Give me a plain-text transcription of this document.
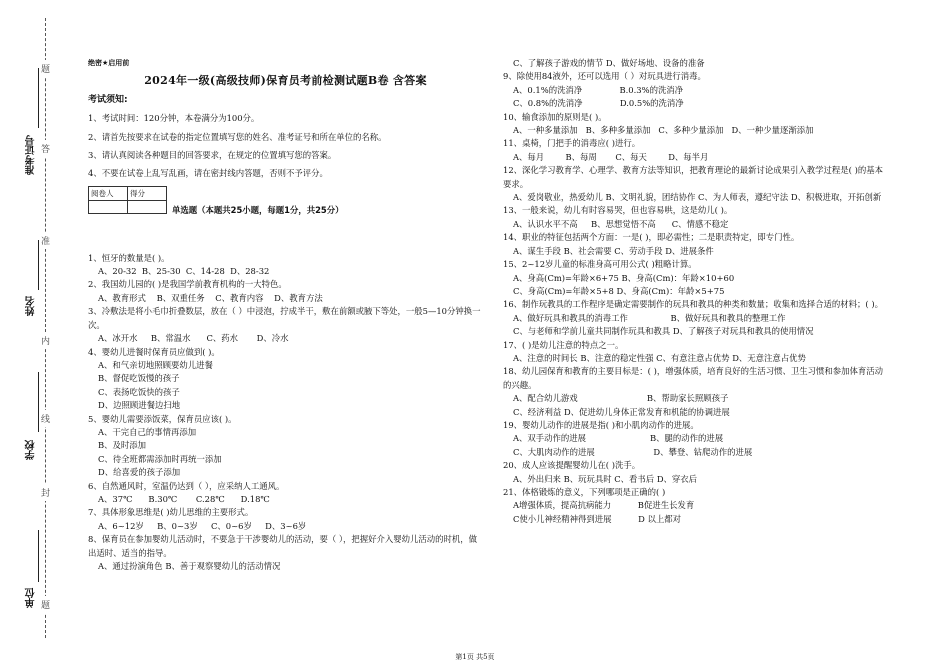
准考证号
姓名
学校
单位
题
答
准
内
线
封
题
绝密★启用前
2024年一级(高级技师)保育员考前检测试题B卷 含答案
考试须知:

1、考试时间：120分钟，本卷满分为100分。

2、请首先按要求在试卷的指定位置填写您的姓名、准考证号和所在单位的名称。

3、请认真阅读各种题目的回答要求，在规定的位置填写您的答案。

4、不要在试卷上乱写乱画，请在密封线内答题，否则不予评分。

阅卷人	得分

单选题（本题共25小题，每题1分，共25分）
1、恒牙的数量是( )。
A、20-32  B、25-30  C、14-28  D、28-32
2、我国幼儿园的( )是我国学前教育机构的一大特色。
A、教育形式    B、双重任务    C、教育内容    D、教育方法
3、冷敷法是将小毛巾折叠数层，放在（ ）中浸泡，拧成半干，敷在前额或腋下等处，一般5—10分钟换一次。
A、冰开水     B、常温水      C、药水       D、冷水
4、婴幼儿进餐时保育员应做到( )。
A、和气亲切地照顾要幼儿进餐
B、督促吃饭慢的孩子
C、表扬吃饭快的孩子
D、边照顾进餐边扫地
5、婴幼儿需要添饭菜，保育员应该( )。
A、干完自己的事情再添加
B、及时添加
C、待全班都需添加时再统一添加
D、给喜爱的孩子添加
6、自然通风时，室温仍达到（ ），应采纳人工通风。
A、37℃      B.30℃       C.28℃      D.18℃
7、具体形象思维是( )幼儿思维的主要形式。
A、6~12岁     B、0~3岁     C、0~6岁     D、3~6岁
8、保育员在参加婴幼儿活动时，不要急于干涉婴幼儿的活动，要（ ），把握好介入婴幼儿活动的时机，做出适时、适当的指导。
A、通过扮演角色 B、善于观察婴幼儿的活动情况
C、了解孩子游戏的情节 D、做好场地、设备的准备
9、除使用84液外，还可以选用（ ）对玩具进行消毒。
A、0.1%的洗消净              B.0.3%的洗消净
C、0.8%的洗消净              D.0.5%的洗消净
10、输食添加的原则是( )。
A、一种多量添加   B、多种多量添加   C、多种少量添加   D、一种少量逐渐添加
11、桌椅，门把手的消毒应( )进行。
A、每月        B、每周       C、每天        D、每半月
12、深化学习教育学、心理学、教育方法等知识，把教育理论的最新讨论成果引入教学过程是( )的基本要求。
A、爱岗敬业，热爱幼儿 B、文明礼貌，团结协作 C、为人师表，遵纪守法 D、积极进取，开拓创新
13、一般来说，幼儿有时容易哭，但也容易哄，这是幼儿( )。
A、认识水平不高     B、思想觉悟不高      C、情感不稳定
14、职业的特征包括两个方面：一是( )，即必需性；二是职责特定，即专门性。
A、谋生手段 B、社会需要 C、劳动手段 D、进展条件
15、2~12岁儿童的标准身高可用公式( )粗略计算。
A、身高(Cm)=年龄×6+75 B、身高(Cm)：年龄×10+60
C、身高(Cm)=年龄×5+8 D、身高(Cm)：年龄×5+75
16、制作玩教具的工作程序是确定需要制作的玩具和教具的种类和数量；收集和选择合适的材料；( )。
A、做好玩具和教具的消毒工作                B、做好玩具和教具的整理工作
C、与老师和学前儿童共同制作玩具和教具 D、了解孩子对玩具和教具的使用情况
17、( )是幼儿注意的特点之一。
A、注意的时间长 B、注意的稳定性强 C、有意注意占优势 D、无意注意占优势
18、幼儿园保育和教育的主要目标是：( )，增强体质，培育良好的生活习惯、卫生习惯和参加体育活动的兴趣。
A、配合幼儿游戏                          B、帮助家长照顾孩子
C、经济利益 D、促进幼儿身体正常发育和机能的协调进展
19、婴幼儿动作的进展是指( )和小肌肉动作的进展。
A、双手动作的进展                        B、腿的动作的进展
C、大肌肉动作的进展                      D、攀登、钻爬动作的进展
20、成人应该提醒婴幼儿在( )洗手。
A、外出归来 B、玩玩具时 C、看书后 D、穿衣后
21、体格锻炼的意义，下列哪项是正确的( )
A增强体质，提高抗病能力          B促进生长发育
C使小儿神经精神得到进展          D 以上都对
第1页 共5页
